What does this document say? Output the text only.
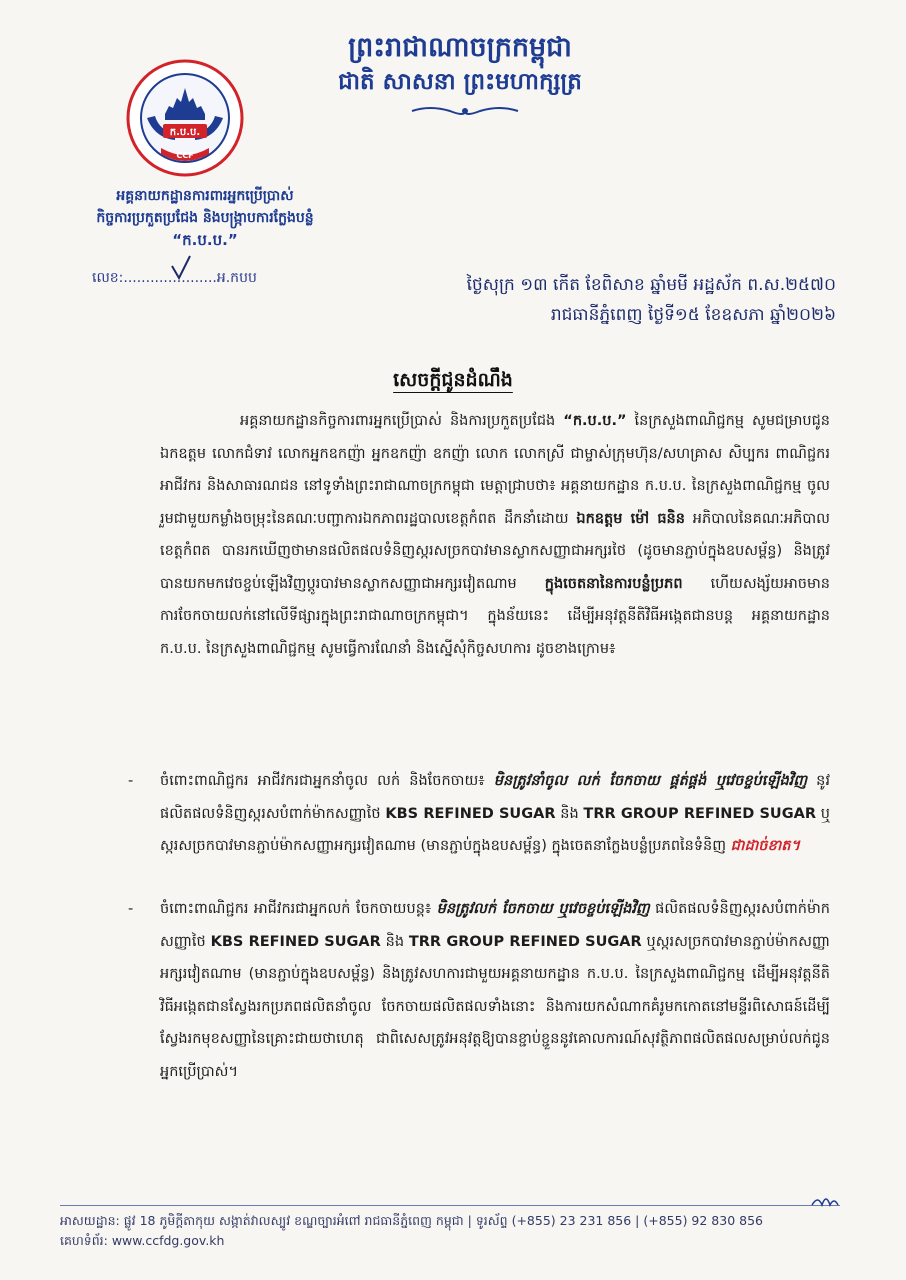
ក.ប.ប.
CCF
ព្រះរាជាណាចក្រកម្ពុជា
ជាតិ សាសនា ព្រះមហាក្សត្រ
អគ្គនាយកដ្ឋានការពារអ្នកប្រើប្រាស់
កិច្ចការប្រកួតប្រជែង និងបង្ក្រាបការក្លែងបន្លំ
“ក.ប.ប.”
លេខ:.....................អ.កបប	ថ្ងៃសុក្រ ១៣ កើត ខែពិសាខ ឆ្នាំមមី អដ្ឋស័ក ព.ស.២៥៧០
រាជធានីភ្នំពេញ ថ្ងៃទី១៥ ខែឧសភា ឆ្នាំ២០២៦
សេចក្តីជូនដំណឹង

អគ្គនាយកដ្ឋានកិច្ចការពារអ្នកប្រើប្រាស់ និងការប្រកួតប្រជែង “ក.ប.ប.” នៃក្រសួងពាណិជ្ជកម្ម សូមជម្រាបជូន ឯកឧត្តម លោកជំទាវ លោកអ្នកឧកញ៉ា អ្នកឧកញ៉ា ឧកញ៉ា លោក លោកស្រី ជាម្ចាស់ក្រុមហ៊ុន/សហគ្រាស សិប្បករ ពាណិជ្ជករ អាជីវករ និងសាធារណជន នៅទូទាំងព្រះរាជាណាចក្រកម្ពុជា មេត្តាជ្រាបថា៖ អគ្គនាយកដ្ឋាន ក.ប.ប. នៃក្រសួងពាណិជ្ជកម្ម ចូលរួមជាមួយកម្លាំងចម្រុះនៃគណៈបញ្ជាការឯកភាពរដ្ឋបាលខេត្តកំពត ដឹកនាំដោយ ឯកឧត្តម ម៉ៅ ធនិន អភិបាលនៃគណៈអភិបាលខេត្តកំពត បានរកឃើញថាមានផលិតផលទំនិញស្ករសច្រកបាវមានស្លាកសញ្ញាជាអក្សរថៃ (ដូចមានភ្ជាប់ក្នុងឧបសម្ព័ន្ធ) និងត្រូវបានយកមកវេចខ្ចប់ឡើងវិញប្តូរបាវមានស្លាកសញ្ញាជាអក្សរវៀតណាម ក្នុងចេតនានៃការបន្លំប្រភព ហើយសង្ស័យអាចមានការចែកចាយលក់នៅលើទីផ្សារក្នុងព្រះរាជាណាចក្រកម្ពុជា។ ក្នុងន័យនេះ ដើម្បីអនុវត្តនីតិវិធីអង្កេតជានបន្ត អគ្គនាយកដ្ឋាន ក.ប.ប. នៃក្រសួងពាណិជ្ជកម្ម សូមធ្វើការណែនាំ និងស្នើសុំកិច្ចសហការ ដូចខាងក្រោម៖

- ចំពោះពាណិជ្ជករ អាជីវករជាអ្នកនាំចូល លក់ និងចែកចាយ៖ មិនត្រូវនាំចូល លក់ ចែកចាយ ផ្គត់ផ្គង់ ឬវេចខ្ចប់ឡើងវិញ នូវផលិតផលទំនិញស្ករសបំពាក់ម៉ាកសញ្ញាថៃ KBS REFINED SUGAR និង TRR GROUP REFINED SUGAR ឬស្ករសច្រកបាវមានភ្ជាប់ម៉ាកសញ្ញាអក្សរវៀតណាម (មានភ្ជាប់ក្នុងឧបសម្ព័ន្ធ) ក្នុងចេតនាក្លែងបន្លំប្រភពនៃទំនិញ ជាដាច់ខាត។

- ចំពោះពាណិជ្ជករ អាជីវករជាអ្នកលក់ ចែកចាយបន្ត៖ មិនត្រូវលក់ ចែកចាយ ឬវេចខ្ចប់ឡើងវិញ ផលិតផលទំនិញស្ករសបំពាក់ម៉ាកសញ្ញាថៃ KBS REFINED SUGAR និង TRR GROUP REFINED SUGAR ឬស្ករសច្រកបាវមានភ្ជាប់ម៉ាកសញ្ញាអក្សរវៀតណាម (មានភ្ជាប់ក្នុងឧបសម្ព័ន្ធ) និងត្រូវសហការជាមួយអគ្គនាយកដ្ឋាន ក.ប.ប. នៃក្រសួងពាណិជ្ជកម្ម ដើម្បីអនុវត្តនីតិវិធីអង្កេតជានស្វែងរកប្រភពផលិតនាំចូល ចែកចាយផលិតផលទាំងនោះ និងការយកសំណាកគំរូមកកោតនៅមន្ទីរពិសោធន៍ដើម្បីស្វែងរកមុខសញ្ញានៃគ្រោះជាយថាហេតុ ជាពិសេសត្រូវអនុវត្តឱ្យបានខ្ជាប់ខ្ជួននូវគោលការណ៍សុវត្ថិភាពផលិតផលសម្រាប់លក់ជូនអ្នកប្រើប្រាស់។

អាសយដ្ឋាន: ផ្លូវ 18 ភូមិក្តីតាកុយ សង្កាត់វាលស្បូវ ខណ្ឌច្បារអំពៅ រាជធានីភ្នំពេញ កម្ពុជា | ទូរស័ព្ទ (+855) 23 231 856 | (+855) 92 830 856
គេហទំព័រ: www.ccfdg.gov.kh
